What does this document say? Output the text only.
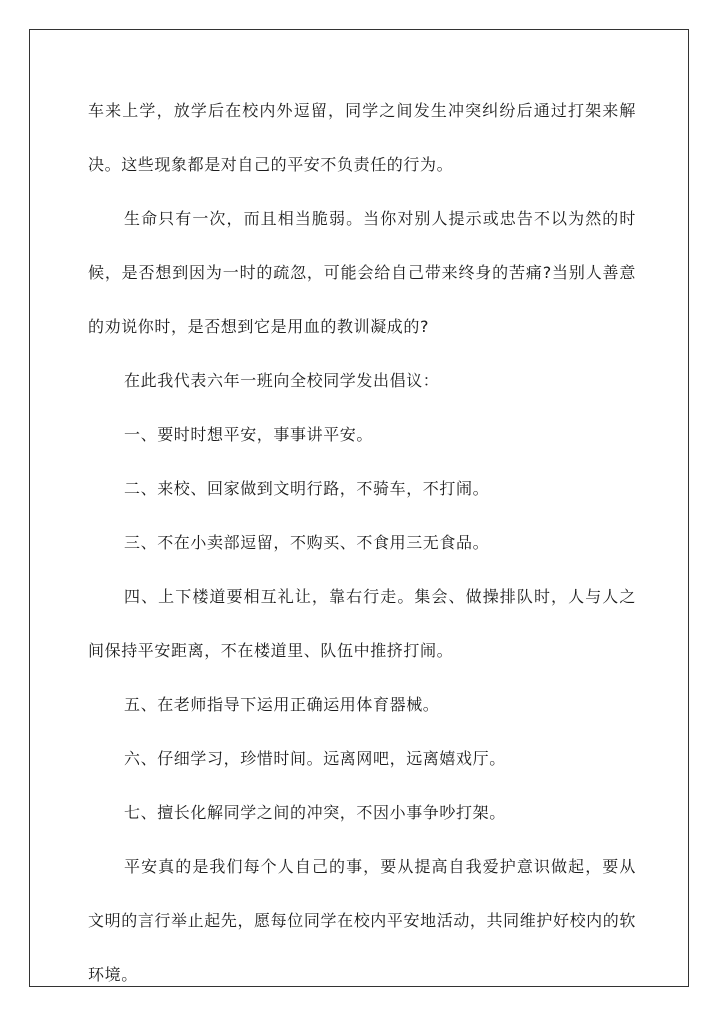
车来上学，放学后在校内外逗留，同学之间发生冲突纠纷后通过打架来解决。这些现象都是对自己的平安不负责任的行为。

生命只有一次，而且相当脆弱。当你对别人提示或忠告不以为然的时候，是否想到因为一时的疏忽，可能会给自己带来终身的苦痛?当别人善意的劝说你时，是否想到它是用血的教训凝成的?

在此我代表六年一班向全校同学发出倡议：

一、要时时想平安，事事讲平安。

二、来校、回家做到文明行路，不骑车，不打闹。

三、不在小卖部逗留，不购买、不食用三无食品。

四、上下楼道要相互礼让，靠右行走。集会、做操排队时，人与人之间保持平安距离，不在楼道里、队伍中推挤打闹。

五、在老师指导下运用正确运用体育器械。

六、仔细学习，珍惜时间。远离网吧，远离嬉戏厅。

七、擅长化解同学之间的冲突，不因小事争吵打架。

平安真的是我们每个人自己的事，要从提高自我爱护意识做起，要从文明的言行举止起先，愿每位同学在校内平安地活动，共同维护好校内的软环境。
